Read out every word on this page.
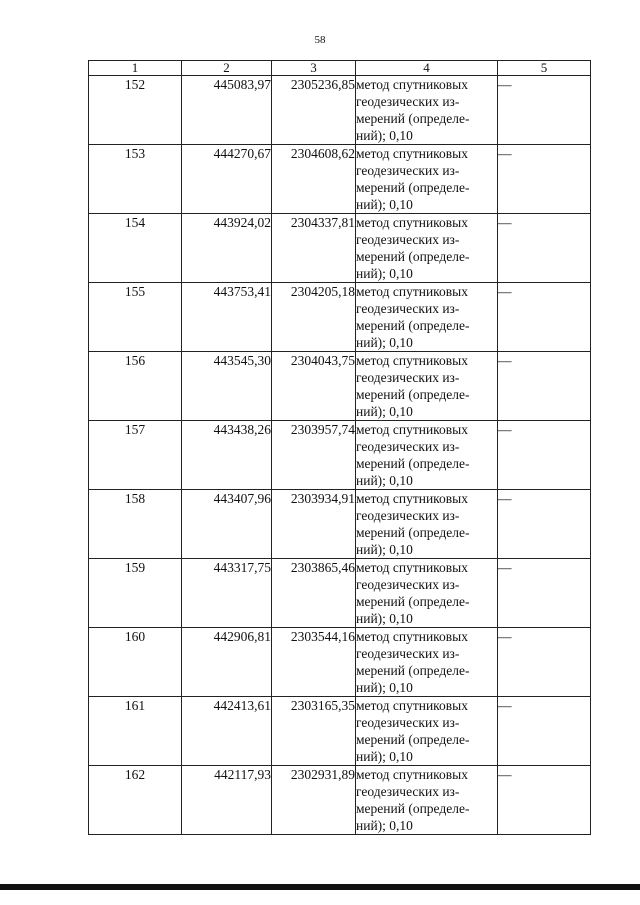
58
1	2	3	4	5
152	445083,97	2305236,85	метод спутниковых
геодезических из-
мерений (определе-
ний); 0,10	—
153	444270,67	2304608,62	метод спутниковых
геодезических из-
мерений (определе-
ний); 0,10	—
154	443924,02	2304337,81	метод спутниковых
геодезических из-
мерений (определе-
ний); 0,10	—
155	443753,41	2304205,18	метод спутниковых
геодезических из-
мерений (определе-
ний); 0,10	—
156	443545,30	2304043,75	метод спутниковых
геодезических из-
мерений (определе-
ний); 0,10	—
157	443438,26	2303957,74	метод спутниковых
геодезических из-
мерений (определе-
ний); 0,10	—
158	443407,96	2303934,91	метод спутниковых
геодезических из-
мерений (определе-
ний); 0,10	—
159	443317,75	2303865,46	метод спутниковых
геодезических из-
мерений (определе-
ний); 0,10	—
160	442906,81	2303544,16	метод спутниковых
геодезических из-
мерений (определе-
ний); 0,10	—
161	442413,61	2303165,35	метод спутниковых
геодезических из-
мерений (определе-
ний); 0,10	—
162	442117,93	2302931,89	метод спутниковых
геодезических из-
мерений (определе-
ний); 0,10	—
